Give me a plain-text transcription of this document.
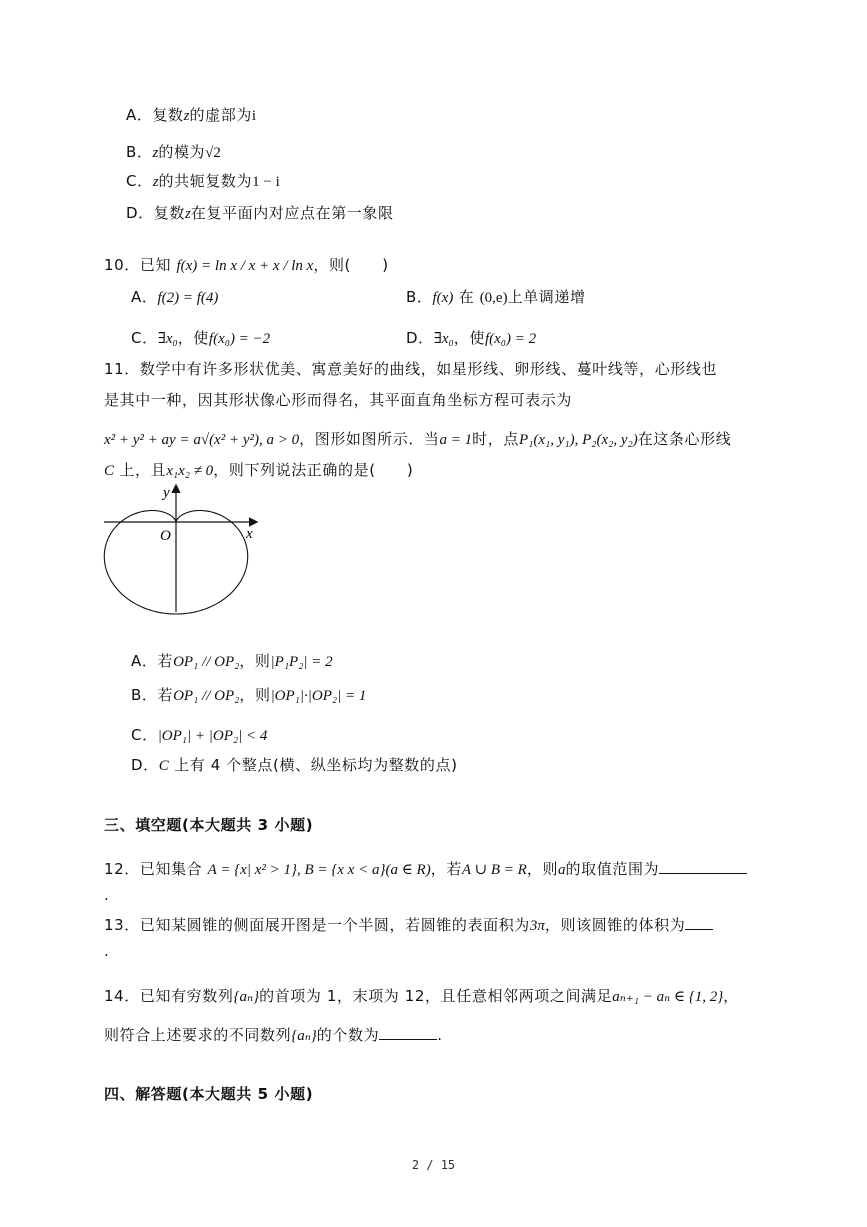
A．复数z的虚部为i
B．z的模为√2
C．z的共轭复数为1 − i
D．复数z在复平面内对应点在第一象限
10．已知 f(x) = ln x / x + x / ln x，则(　　)
A．f(2) = f(4)	B．f(x) 在 (0,e)上单调递增
C．∃x₀，使f(x₀) = −2	D．∃x₀，使f(x₀) = 2
11．数学中有许多形状优美、寓意美好的曲线，如星形线、卵形线、蔓叶线等，心形线也
是其中一种，因其形状像心形而得名，其平面直角坐标方程可表示为
x² + y² + ay = a√(x² + y²), a > 0，图形如图所示．当a = 1时，点P₁(x₁, y₁), P₂(x₂, y₂)在这条心形线
C 上，且x₁x₂ ≠ 0，则下列说法正确的是(　　)
x
y
O
A．若OP₁ // OP₂，则|P₁P₂| = 2
B．若OP₁ // OP₂，则|OP₁|·|OP₂| = 1
C．|OP₁| + |OP₂| < 4
D．C 上有 4 个整点(横、纵坐标均为整数的点)
三、填空题(本大题共 3 小题)
12．已知集合 A = {x| x² > 1}, B = {x x < a}(a ∈ R)，若A ∪ B = R，则a的取值范围为
.
13．已知某圆锥的侧面展开图是一个半圆，若圆锥的表面积为3π，则该圆锥的体积为
.
14．已知有穷数列{aₙ}的首项为 1，末项为 12，且任意相邻两项之间满足aₙ₊₁ − aₙ ∈ {1, 2}，
则符合上述要求的不同数列{aₙ}的个数为	.
四、解答题(本大题共 5 小题)
2 / 15
